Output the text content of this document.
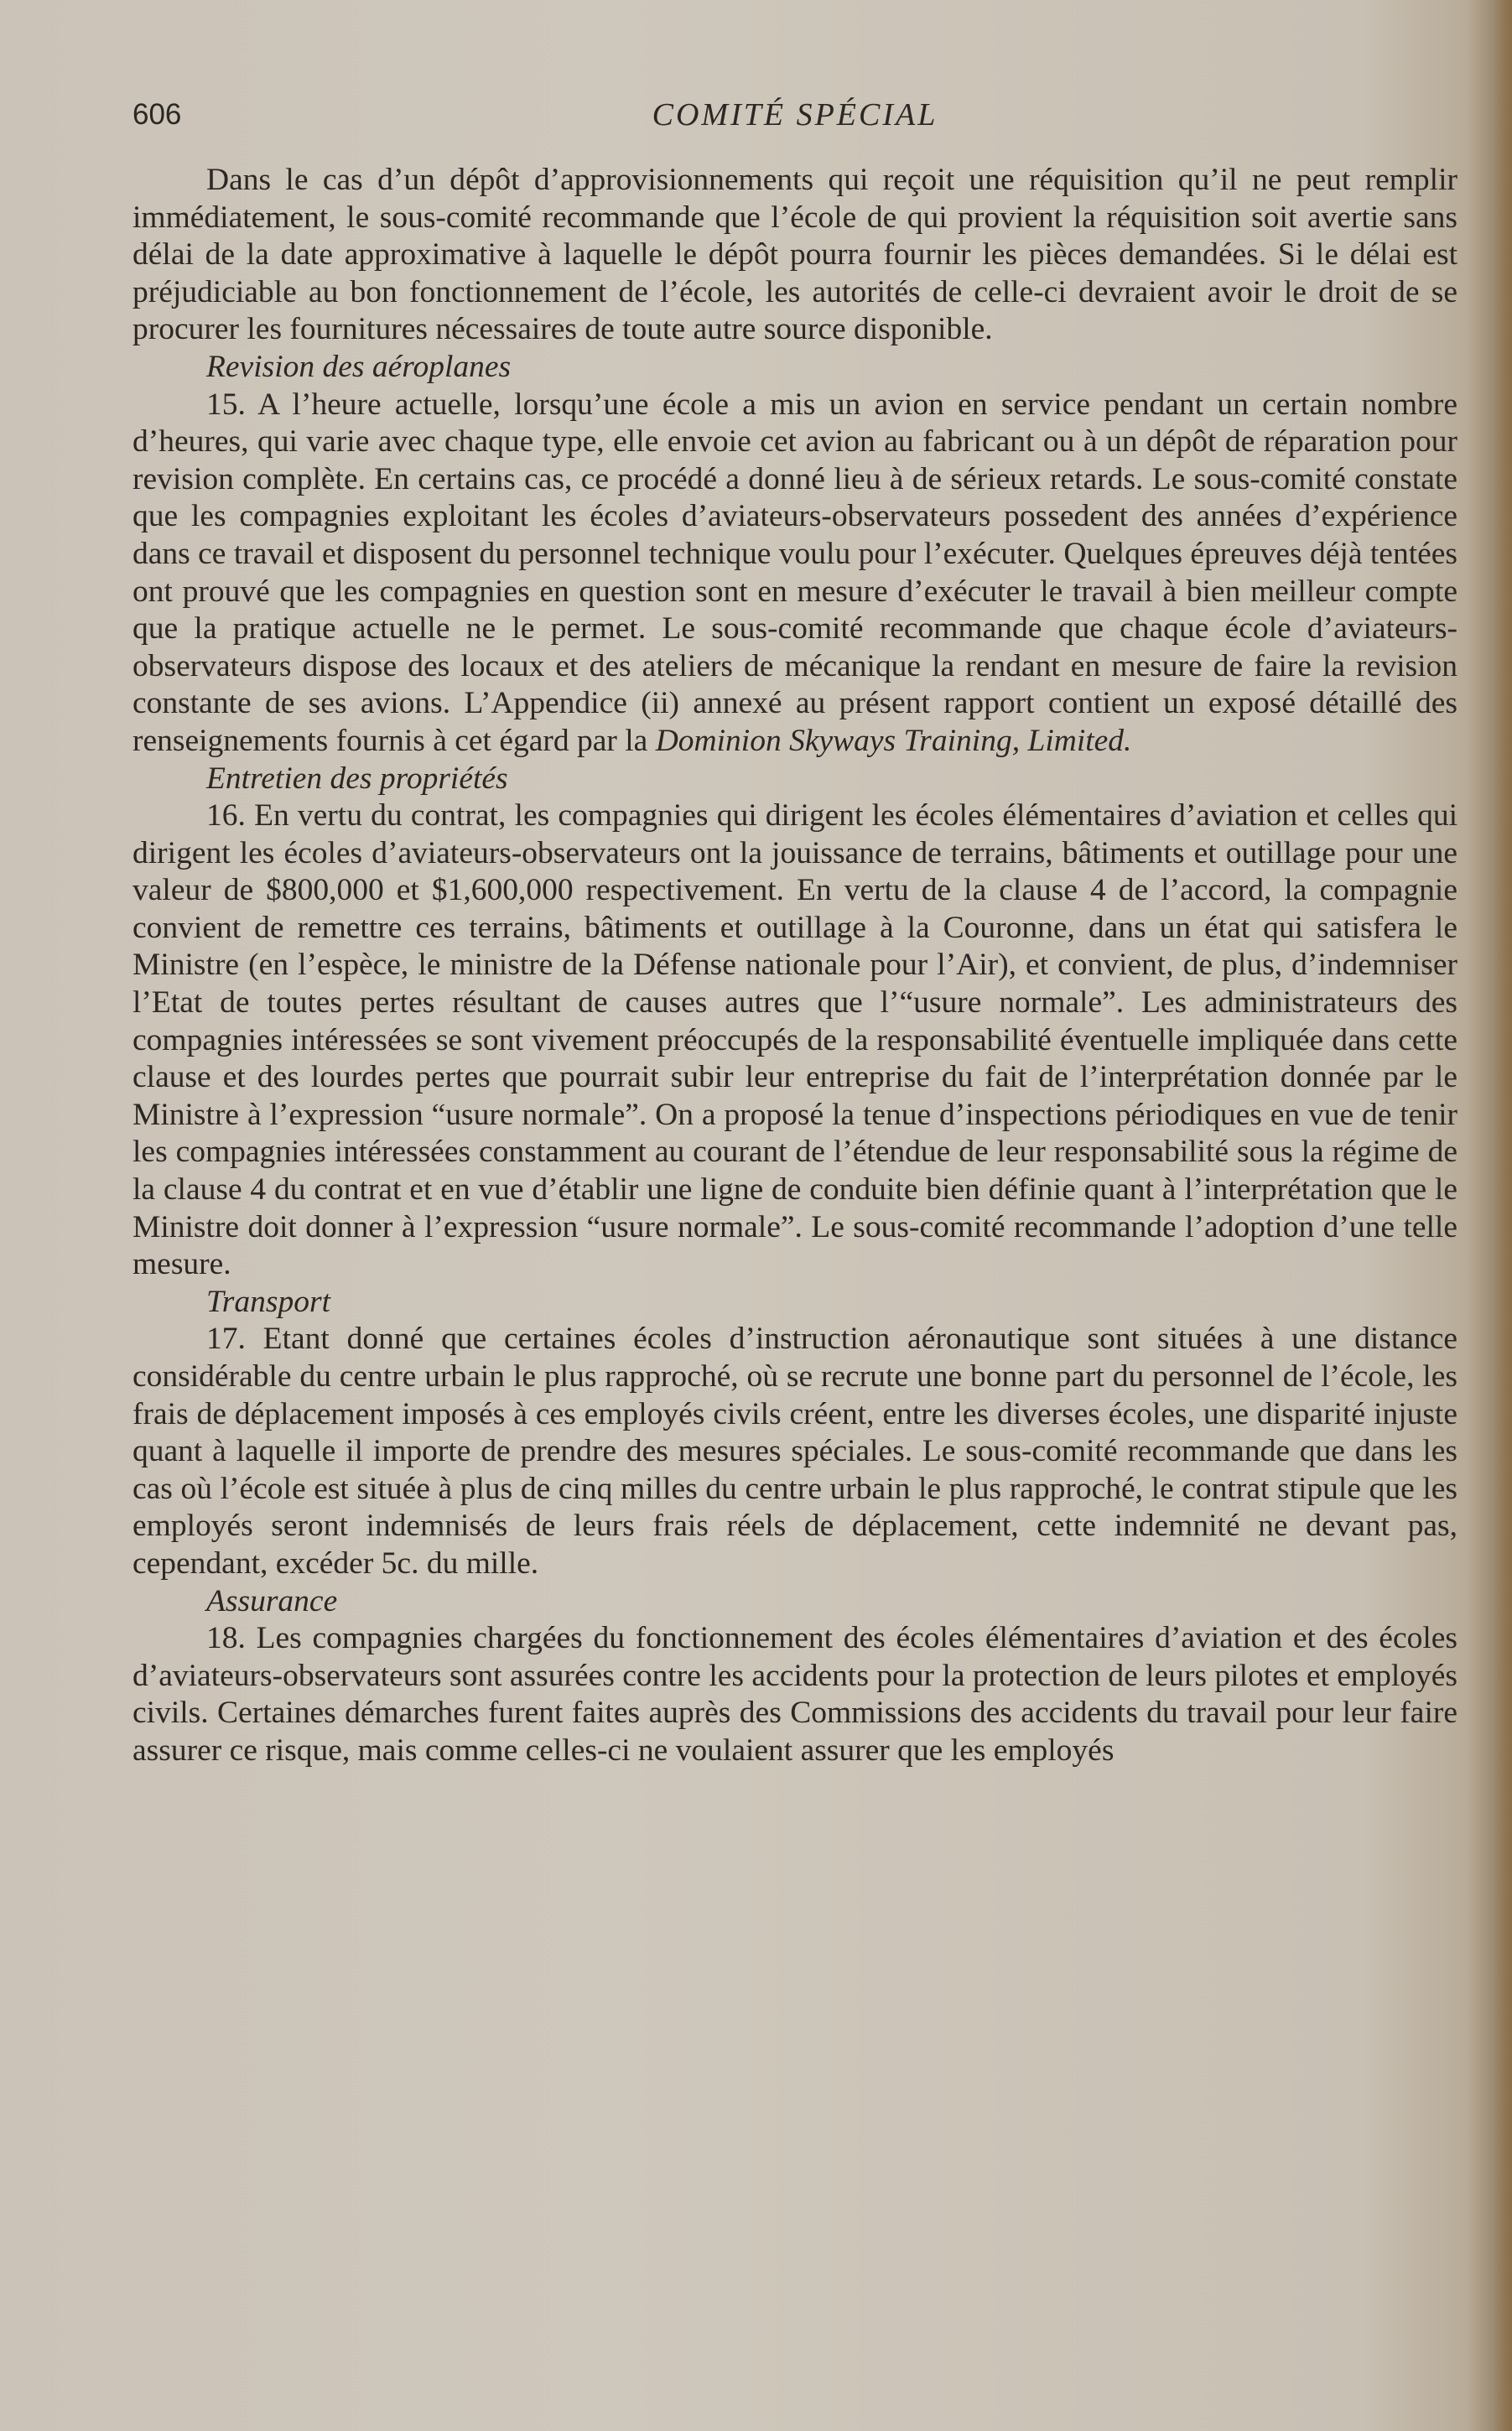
606	COMITÉ SPÉCIAL

Dans le cas d’un dépôt d’approvisionnements qui reçoit une réquisition qu’il ne peut remplir immédiatement, le sous-comité recommande que l’école de qui provient la réquisition soit avertie sans délai de la date approximative à laquelle le dépôt pourra fournir les pièces demandées. Si le délai est préjudiciable au bon fonctionnement de l’école, les autorités de celle-ci devraient avoir le droit de se procurer les fournitures nécessaires de toute autre source disponible.

Revision des aéroplanes

15. A l’heure actuelle, lorsqu’une école a mis un avion en service pendant un certain nombre d’heures, qui varie avec chaque type, elle envoie cet avion au fabricant ou à un dépôt de réparation pour revision complète. En certains cas, ce procédé a donné lieu à de sérieux retards. Le sous-comité constate que les compagnies exploitant les écoles d’aviateurs-observateurs possedent des années d’expérience dans ce travail et disposent du personnel technique voulu pour l’exécuter. Quelques épreuves déjà tentées ont prouvé que les compagnies en question sont en mesure d’exécuter le travail à bien meilleur compte que la pratique actuelle ne le permet. Le sous-comité recommande que chaque école d’aviateurs-observateurs dispose des locaux et des ateliers de mécanique la rendant en mesure de faire la revision constante de ses avions. L’Appendice (ii) annexé au présent rapport contient un exposé détaillé des renseignements fournis à cet égard par la Dominion Skyways Training, Limited.

Entretien des propriétés

16. En vertu du contrat, les compagnies qui dirigent les écoles élémentaires d’aviation et celles qui dirigent les écoles d’aviateurs-observateurs ont la jouissance de terrains, bâtiments et outillage pour une valeur de $800,000 et $1,600,000 respectivement. En vertu de la clause 4 de l’accord, la compagnie convient de remettre ces terrains, bâtiments et outillage à la Couronne, dans un état qui satisfera le Ministre (en l’espèce, le ministre de la Défense nationale pour l’Air), et convient, de plus, d’indemniser l’Etat de toutes pertes résultant de causes autres que l’“usure normale”. Les administrateurs des compagnies intéressées se sont vivement préoccupés de la responsabilité éventuelle impliquée dans cette clause et des lourdes pertes que pourrait subir leur entreprise du fait de l’interprétation donnée par le Ministre à l’expression “usure normale”. On a proposé la tenue d’inspections périodiques en vue de tenir les compagnies intéressées constamment au courant de l’étendue de leur responsabilité sous la régime de la clause 4 du contrat et en vue d’établir une ligne de conduite bien définie quant à l’interprétation que le Ministre doit donner à l’expression “usure normale”. Le sous-comité recommande l’adoption d’une telle mesure.

Transport

17. Etant donné que certaines écoles d’instruction aéronautique sont situées à une distance considérable du centre urbain le plus rapproché, où se recrute une bonne part du personnel de l’école, les frais de déplacement imposés à ces employés civils créent, entre les diverses écoles, une disparité injuste quant à laquelle il importe de prendre des mesures spéciales. Le sous-comité recommande que dans les cas où l’école est située à plus de cinq milles du centre urbain le plus rapproché, le contrat stipule que les employés seront indemnisés de leurs frais réels de déplacement, cette indemnité ne devant pas, cependant, excéder 5c. du mille.

Assurance

18. Les compagnies chargées du fonctionnement des écoles élémentaires d’aviation et des écoles d’aviateurs-observateurs sont assurées contre les accidents pour la protection de leurs pilotes et employés civils. Certaines démarches furent faites auprès des Commissions des accidents du travail pour leur faire assurer ce risque, mais comme celles-ci ne voulaient assurer que les employés
